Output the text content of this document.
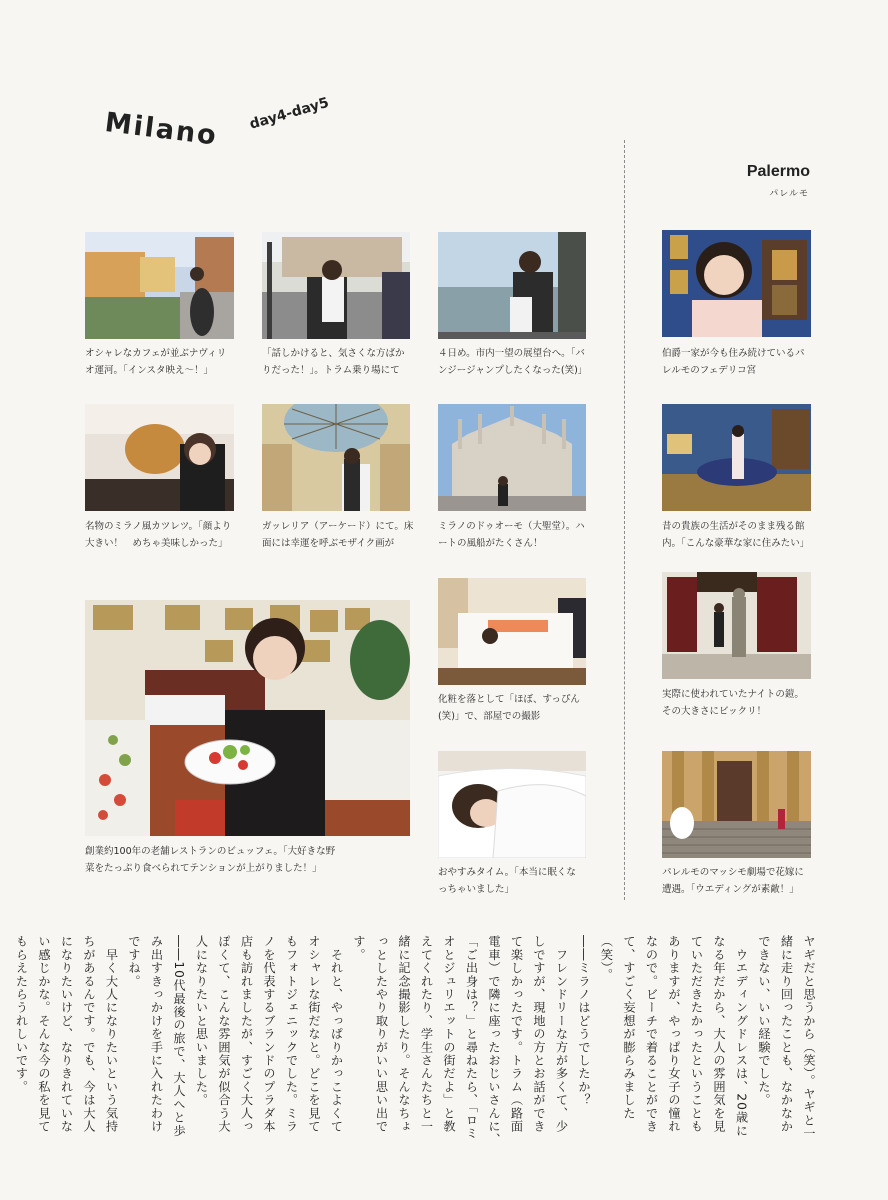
Milano day4-day5
Palermo
パレルモ
オシャレなカフェが並ぶナヴィリ
オ運河。「インスタ映え～！」
「話しかけると、気さくな方ばか
りだった！」。トラム乗り場にて
４日め。市内一望の展望台へ。「バ
ンジージャンプしたくなった(笑)」
名物のミラノ風カツレツ。「顔より
大きい！　めちゃ美味しかった」
ガッレリア（アーケード）にて。床
面には幸運を呼ぶモザイク画が
ミラノのドゥオーモ（大聖堂）。ハ
ートの風船がたくさん！
創業約100年の老舗レストランのビュッフェ。「大好きな野
菜をたっぷり食べられてテンションが上がりました！」
化粧を落として「ほぼ、すっぴん
(笑)」で、部屋での撮影
おやすみタイム。「本当に眠くな
っちゃいました」
伯爵一家が今も住み続けているパ
レルモのフェデリコ宮
昔の貴族の生活がそのまま残る館
内。「こんな豪華な家に住みたい」
実際に使われていたナイトの鎧。
その大きさにビックリ！
パレルモのマッシモ劇場で花嫁に
遭遇。「ウエディングが素敵！」

ヤギだと思うから（笑）。ヤギと一

緒に走り回ったことも、なかなか

できない、いい経験でした。

　ウエディングドレスは、20歳に

なる年だから、大人の雰囲気を見

ていただきたかったということも

ありますが、やっぱり女子の憧れ

なので。ビーチで着ることができ

て、すごく妄想が膨らみました

（笑）。

――ミラノはどうでしたか？

　フレンドリーな方が多くて、少

しですが、現地の方とお話ができ

て楽しかったです。トラム（路面

電車）で隣に座ったおじいさんに、

「ご出身は？」と尋ねたら、「ロミ

オとジュリエットの街だよ」と教

えてくれたり、学生さんたちと一

緒に記念撮影したり。そんなちょ

っとしたやり取りがいい思い出で

す。

　それと、やっぱりかっこよくて

オシャレな街だなと。どこを見て

もフォトジェニックでした。ミラ

ノを代表するブランドのプラダ本

店も訪れましたが、すごく大人っ

ぽくて、こんな雰囲気が似合う大

人になりたいと思いました。

――10代最後の旅で、大人へと歩

み出すきっかけを手に入れたわけ

ですね。

　早く大人になりたいという気持

ちがあるんです。でも、今は大人

になりたいけど、なりきれていな

い感じかな。そんな今の私を見て

もらえたらうれしいです。
